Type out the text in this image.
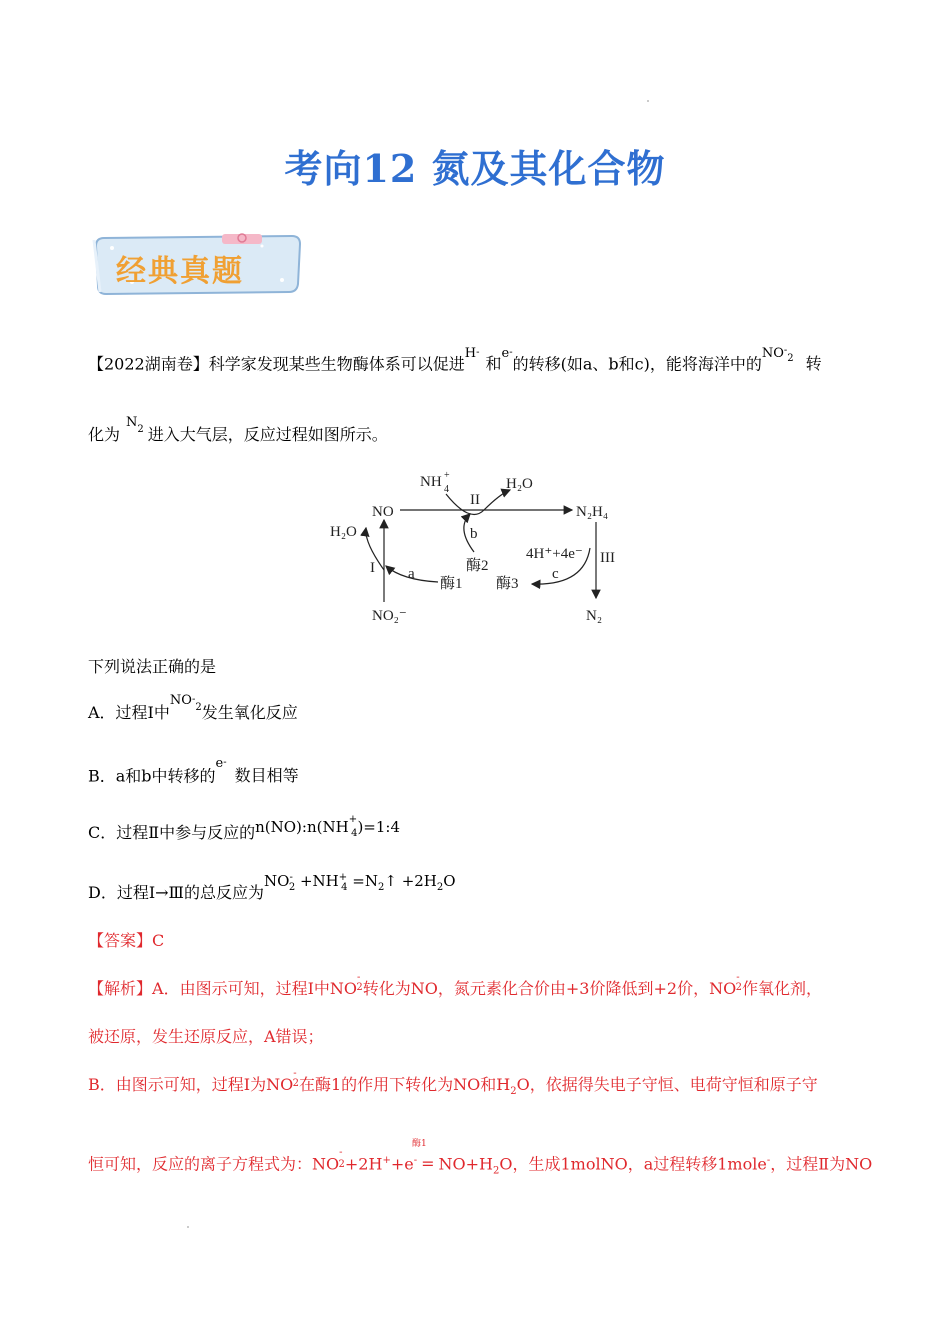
考向12 氮及其化合物
经典真题
【2022湖南卷】科学家发现某些生物酶体系可以促进$^{H-}$和$^{e-}$的转移(如a、b和c)，能将海洋中的$^{NO-2}$ 转
化为$^{N2}$ 进入大气层，反应过程如图所示。
NH +
4	H₂O
II
NO	N₂H₄
H₂O	b
酶2
4H⁺+4e⁻ III
I a
酶1 酶3
c
NO₂⁻	N₂
下列说法正确的是
A．过程Ⅰ中$^{NO-2}$发生氧化反应
B．a和b中转移的$^{e-}$数目相等
C．过程Ⅱ中参与反应的n(NO):n(NH+4)=1:4
D．过程Ⅰ→Ⅲ的总反应为$NO^{-2} +NH^{+4}$ $=N^2↑ +2H^2O$
【答案】C
【解析】A．由图示可知，过程Ⅰ中$NO^{-2}$转化为NO，氮元素化合价由+3价降低到+2价，$NO^{-2}$作氧化剂，
被还原，发生还原反应，A错误；
B．由图示可知，过程Ⅰ为$NO^{-2}$在酶1的作用下转化为NO和$H_2O$，依据得失电子守恒、电荷守恒和原子守
酶1
恒可知，反应的离子方程式为：$NO^-2+2H^++e^- = NO+H_2O$，生成1molNO，a过程转移1mole-，过程Ⅱ为NO
